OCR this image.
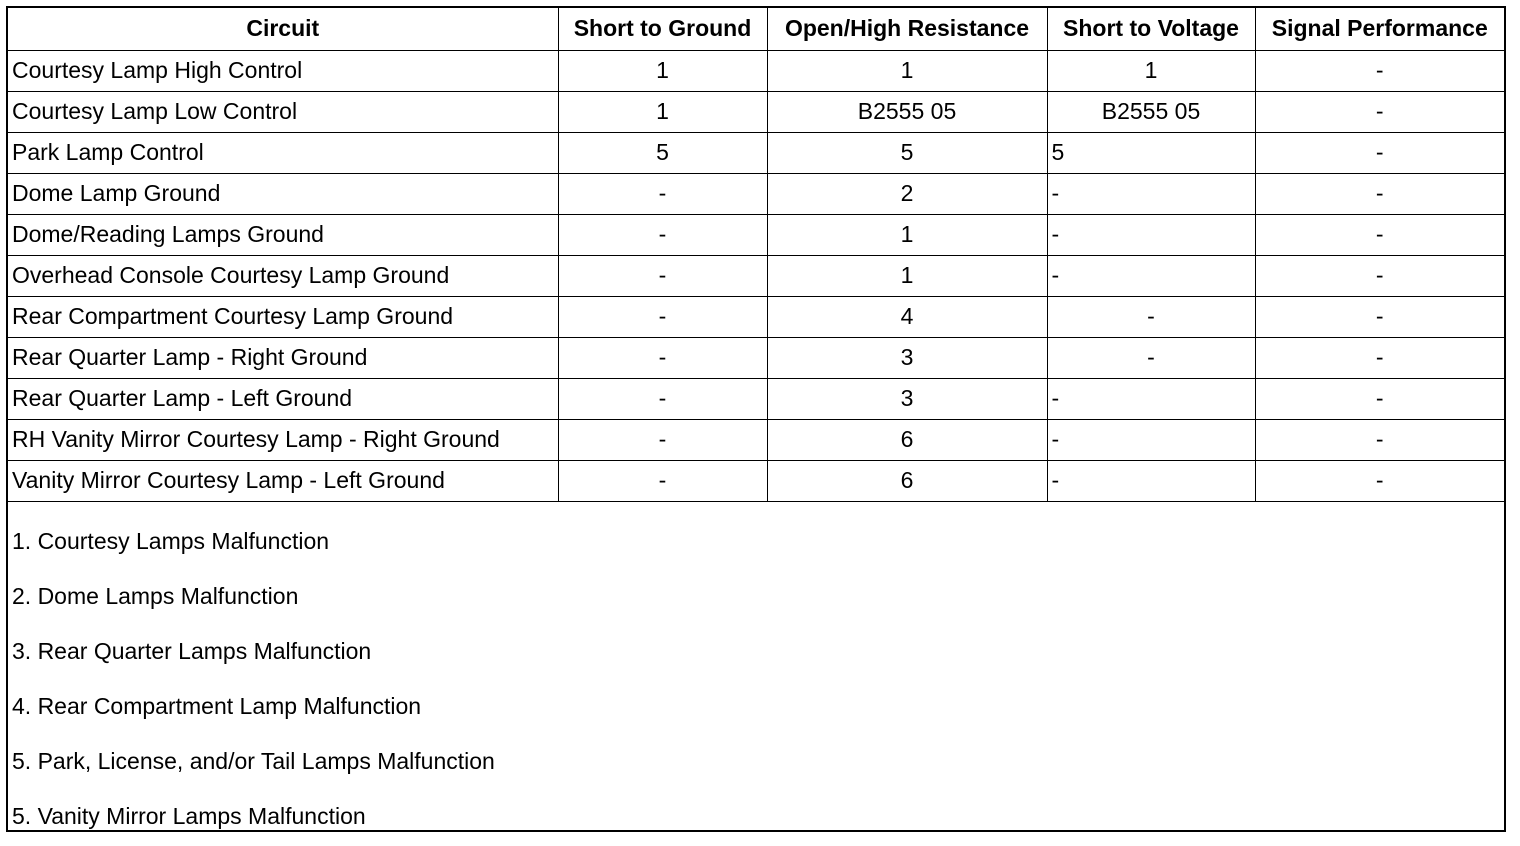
Circuit	Short to Ground	Open/High Resistance	Short to Voltage	Signal Performance
Courtesy Lamp High Control	1	1	1	-
Courtesy Lamp Low Control	1	B2555 05	B2555 05	-
Park Lamp Control	5	5	5	-
Dome Lamp Ground	-	2	-	-
Dome/Reading Lamps Ground	-	1	-	-
Overhead Console Courtesy Lamp Ground	-	1	-	-
Rear Compartment Courtesy Lamp Ground	-	4	-	-
Rear Quarter Lamp - Right Ground	-	3	-	-
Rear Quarter Lamp - Left Ground	-	3	-	-
RH Vanity Mirror Courtesy Lamp - Right Ground	-	6	-	-
Vanity Mirror Courtesy Lamp - Left Ground	-	6	-	-
1. Courtesy Lamps Malfunction
2. Dome Lamps Malfunction
3. Rear Quarter Lamps Malfunction
4. Rear Compartment Lamp Malfunction
5. Park, License, and/or Tail Lamps Malfunction
5. Vanity Mirror Lamps Malfunction
